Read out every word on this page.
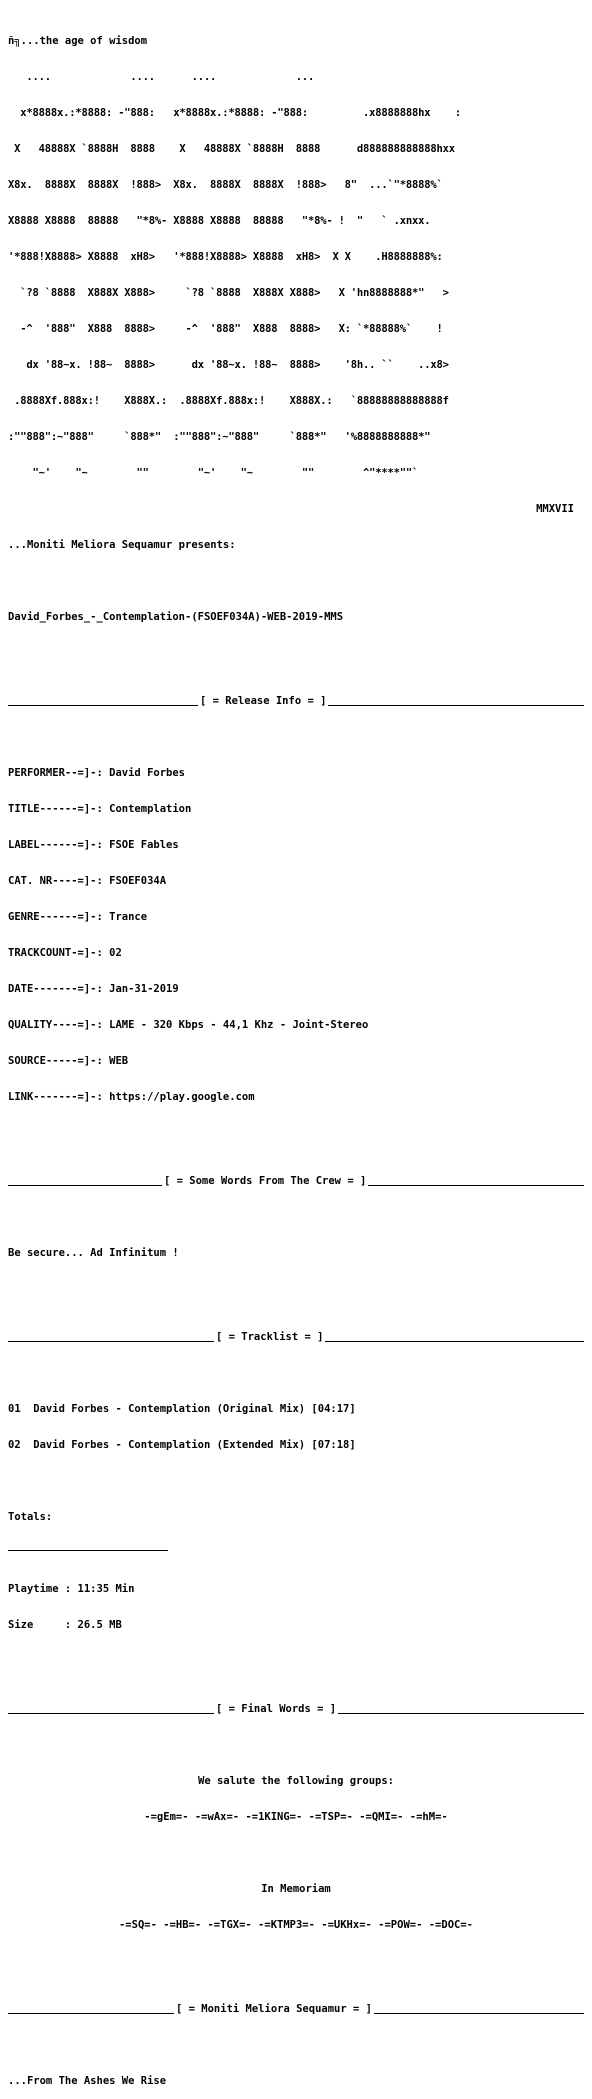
ñ╗...the age of wisdom

....             ....      ....             ...

x*8888x.:*8888: -"888:   x*8888x.:*8888: -"888:         .x8888888hx    :

X   48888X `8888H  8888    X   48888X `8888H  8888      d888888888888hxx

X8x.  8888X  8888X  !888>  X8x.  8888X  8888X  !888>   8"  ...`"*8888%`

X8888 X8888  88888   "*8%- X8888 X8888  88888   "*8%- !  "   ` .xnxx.

'*888!X8888> X8888  xH8>   '*888!X8888> X8888  xH8>  X X    .H8888888%:

`?8 `8888  X888X X888>     `?8 `8888  X888X X888>   X 'hn8888888*"   >

-^  '888"  X888  8888>     -^  '888"  X888  8888>   X: `*88888%`    !

dx '88~x. !88~  8888>      dx '88~x. !88~  8888>    '8h.. ``    ..x8>

.8888Xf.888x:!    X888X.:  .8888Xf.888x:!    X888X.:   `88888888888888f

:""888":~"888"     `888*"  :""888":~"888"     `888*"   '%8888888888*"

"~'    "~        ""        "~'    "~        ""        ^"****""`

MMXVII

...Moniti Meliora Sequamur presents:

David_Forbes_-_Contemplation-(FSOEF034A)-WEB-2019-MMS

[ = Release Info = ]

PERFORMER--=]-: David Forbes

TITLE------=]-: Contemplation

LABEL------=]-: FSOE Fables

CAT. NR----=]-: FSOEF034A

GENRE------=]-: Trance

TRACKCOUNT-=]-: 02

DATE-------=]-: Jan-31-2019

QUALITY----=]-: LAME - 320 Kbps - 44,1 Khz - Joint-Stereo

SOURCE-----=]-: WEB

LINK-------=]-: https://play.google.com

[ = Some Words From The Crew = ]

Be secure... Ad Infinitum !

[ = Tracklist = ]

01  David Forbes - Contemplation (Original Mix) [04:17]

02  David Forbes - Contemplation (Extended Mix) [07:18]

Totals:

Playtime : 11:35 Min

Size     : 26.5 MB

[ = Final Words = ]

We salute the following groups:

-=gEm=- -=wAx=- -=1KING=- -=TSP=- -=QMI=- -=hM=-

In Memoriam

-=SQ=- -=HB=- -=TGX=- -=KTMP3=- -=UKHx=- -=POW=- -=DOC=-

[ = Moniti Meliora Sequamur = ]

...From The Ashes We Rise
